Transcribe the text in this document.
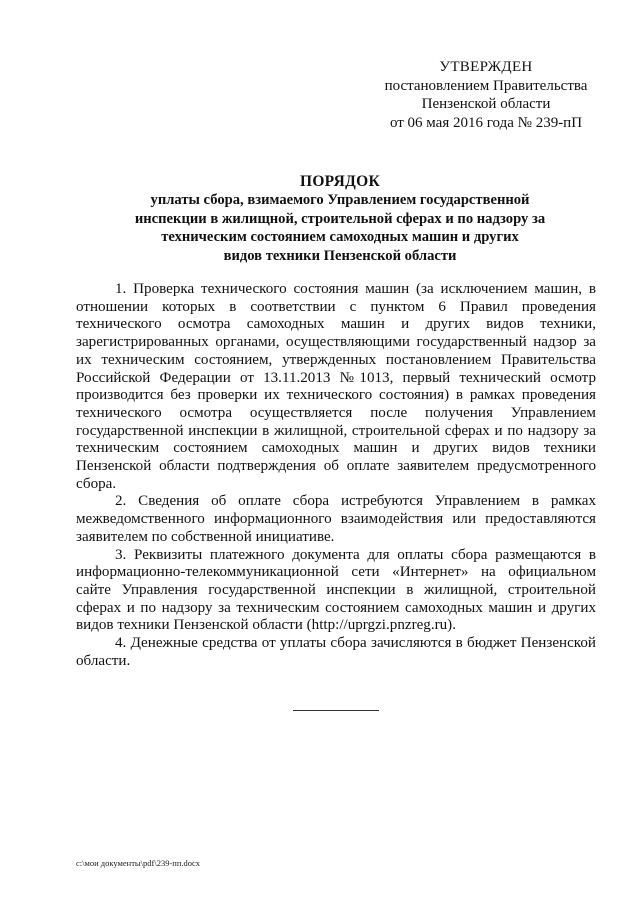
УТВЕРЖДЕН
постановлением Правительства
Пензенской области
от 06 мая 2016 года № 239-пП
ПОРЯДОК
уплаты сбора, взимаемого Управлением государственной
инспекции в жилищной, строительной сферах и по надзору за
техническим состоянием самоходных машин и других
видов техники Пензенской области

1. Проверка технического состояния машин (за исключением машин, в отношении которых в соответствии с пунктом 6 Правил проведения технического осмотра самоходных машин и других видов техники, зарегистрированных органами, осуществляющими государственный надзор за их техническим состоянием, утвержденных постановлением Правительства Российской Федерации от 13.11.2013 №1013, первый технический осмотр производится без проверки их технического состояния) в рамках проведения технического осмотра осуществляется после получения Управлением государственной инспекции в жилищной, строительной сферах и по надзору за техническим состоянием самоходных машин и других видов техники Пензенской области подтверждения об оплате заявителем предусмотренного сбора.

2. Сведения об оплате сбора истребуются Управлением в рамках межведомственного информационного взаимодействия или предоставляются заявителем по собственной инициативе.

3. Реквизиты платежного документа для оплаты сбора размещаются в информационно-телекоммуникационной сети «Интернет» на официальном сайте Управления государственной инспекции в жилищной, строительной сферах и по надзору за техническим состоянием самоходных машин и других видов техники Пензенской области (http://uprgzi.pnzreg.ru).

4. Денежные средства от уплаты сбора зачисляются в бюджет Пензенской области.

c:\мои документы\pdf\239-пп.docx
